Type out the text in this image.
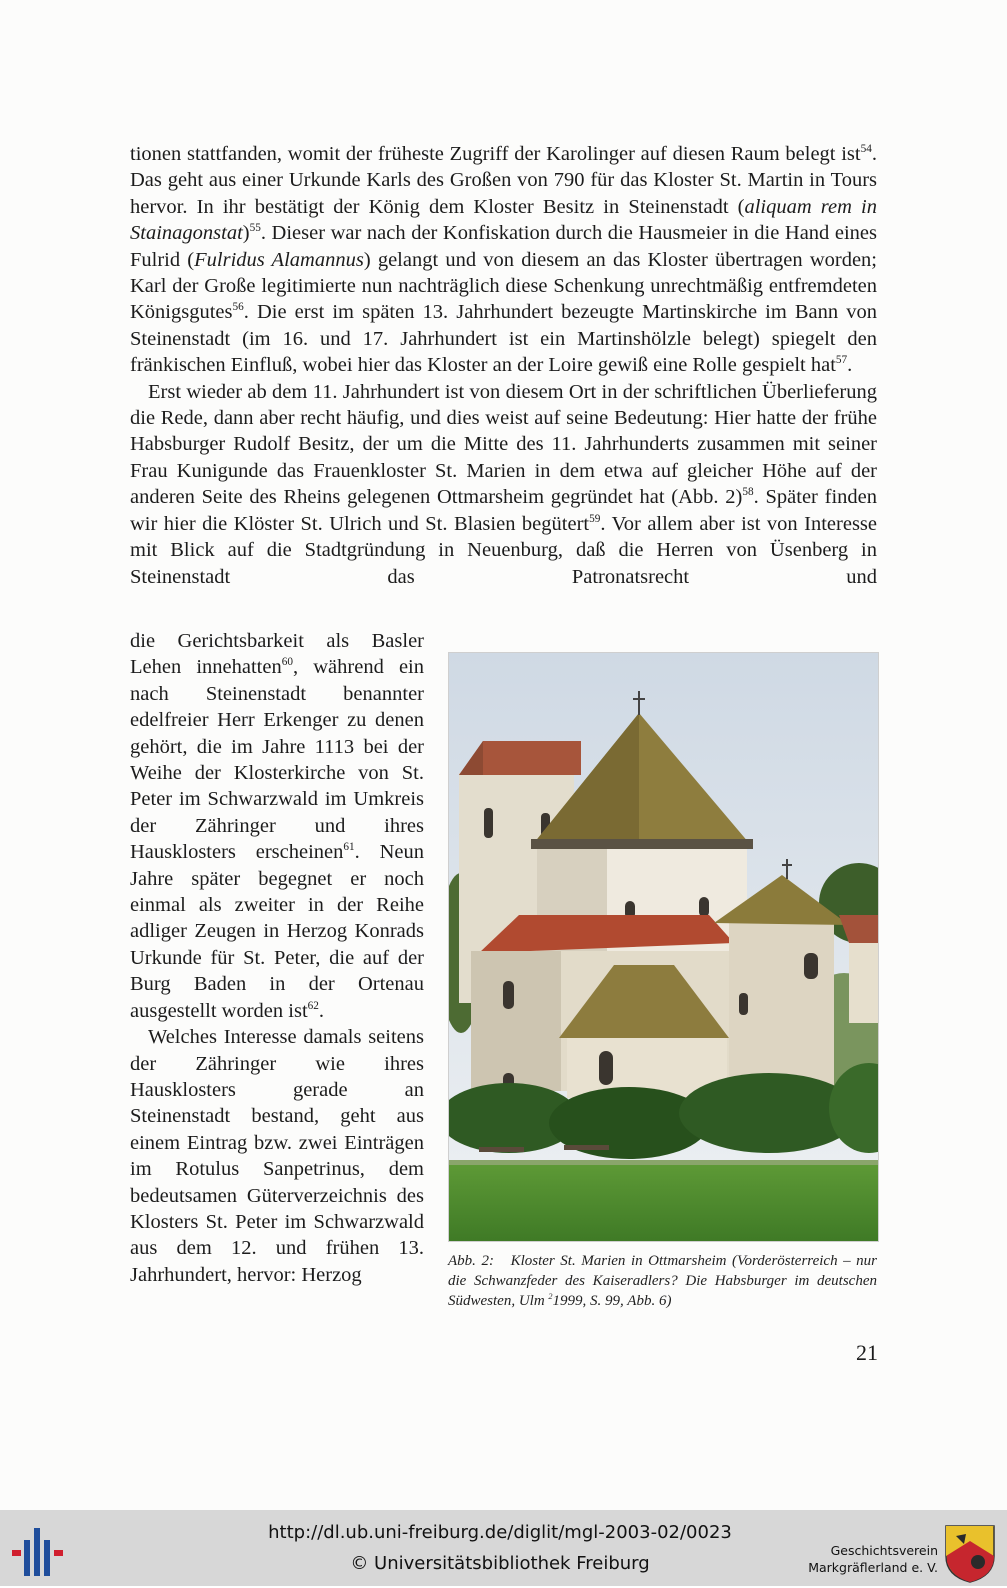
tionen stattfanden, womit der früheste Zugriff der Karolinger auf diesen Raum belegt ist$^{54}$. Das geht aus einer Urkunde Karls des Großen von 790 für das Kloster St. Martin in Tours hervor. In ihr bestätigt der König dem Kloster Besitz in Steinenstadt (aliquam rem in Stainagonstat)$^{55}$. Dieser war nach der Konfiskation durch die Hausmeier in die Hand eines Fulrid (Fulridus Alamannus) gelangt und von diesem an das Kloster übertragen worden; Karl der Große legitimierte nun nachträglich diese Schenkung unrechtmäßig entfremdeten Königsgutes$^{56}$. Die erst im späten 13. Jahrhundert bezeugte Martinskirche im Bann von Steinenstadt (im 16. und 17. Jahrhundert ist ein Martinshölzle belegt) spiegelt den fränkischen Einfluß, wobei hier das Kloster an der Loire gewiß eine Rolle gespielt hat$^{57}$.

Erst wieder ab dem 11. Jahrhundert ist von diesem Ort in der schriftlichen Überlieferung die Rede, dann aber recht häufig, und dies weist auf seine Bedeutung: Hier hatte der frühe Habsburger Rudolf Besitz, der um die Mitte des 11. Jahrhunderts zusammen mit seiner Frau Kunigunde das Frauenkloster St. Marien in dem etwa auf gleicher Höhe auf der anderen Seite des Rheins gelegenen Ottmarsheim gegründet hat (Abb. 2)$^{58}$. Später finden wir hier die Klöster St. Ulrich und St. Blasien begütert$^{59}$. Vor allem aber ist von Interesse mit Blick auf die Stadtgründung in Neuenburg, daß die Herren von Üsenberg in Steinenstadt das Patronatsrecht und

die Gerichtsbarkeit als Basler Lehen innehatten$^{60}$, während ein nach Steinenstadt benannter edelfreier Herr Erkenger zu denen gehört, die im Jahre 1113 bei der Weihe der Klosterkirche von St. Peter im Schwarzwald im Umkreis der Zähringer und ihres Hausklosters erscheinen$^{61}$. Neun Jahre später begegnet er noch einmal als zweiter in der Reihe adliger Zeugen in Herzog Konrads Urkunde für St. Peter, die auf der Burg Baden in der Ortenau ausgestellt worden ist$^{62}$.

Welches Interesse damals seitens der Zähringer wie ihres Hausklosters gerade an Steinenstadt bestand, geht aus einem Eintrag bzw. zwei Einträgen im Rotulus Sanpetrinus, dem bedeutsamen Güterverzeichnis des Klosters St. Peter im Schwarzwald aus dem 12. und frühen 13. Jahrhundert, hervor: Herzog

Abb. 2: Kloster St. Marien in Ottmarsheim (Vorderösterreich – nur die Schwanzfeder des Kaiseradlers? Die Habsburger im deutschen Südwesten, Ulm $^2$1999, S. 99, Abb. 6)
21
http://dl.ub.uni-freiburg.de/diglit/mgl-2003-02/0023
© Universitätsbibliothek Freiburg
Geschichtsverein
Markgräflerland e. V.
